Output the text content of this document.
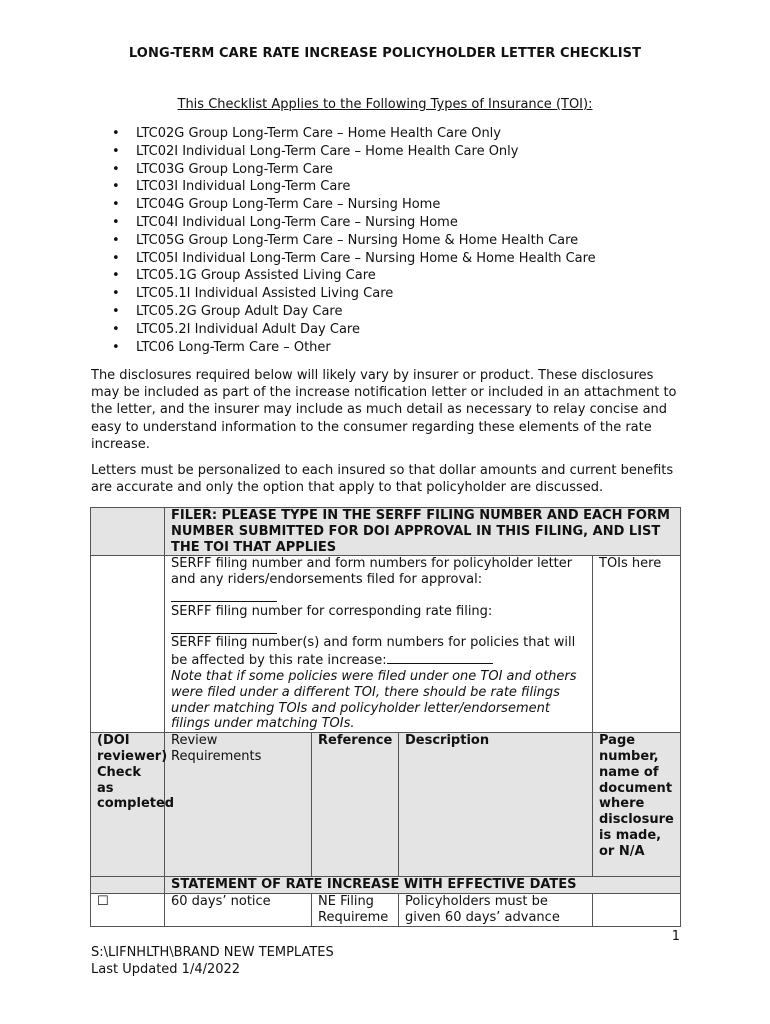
LONG-TERM CARE RATE INCREASE POLICYHOLDER LETTER CHECKLIST
This Checklist Applies to the Following Types of Insurance (TOI):
• LTC02G Group Long-Term Care – Home Health Care Only
• LTC02I Individual Long-Term Care – Home Health Care Only
• LTC03G Group Long-Term Care
• LTC03I Individual Long-Term Care
• LTC04G Group Long-Term Care – Nursing Home
• LTC04I Individual Long-Term Care – Nursing Home
• LTC05G Group Long-Term Care – Nursing Home & Home Health Care
• LTC05I Individual Long-Term Care – Nursing Home & Home Health Care
• LTC05.1G Group Assisted Living Care
• LTC05.1I Individual Assisted Living Care
• LTC05.2G Group Adult Day Care
• LTC05.2I Individual Adult Day Care
• LTC06 Long-Term Care – Other

The disclosures required below will likely vary by insurer or product. These disclosures may be included as part of the increase notification letter or included in an attachment to the letter, and the insurer may include as much detail as necessary to relay concise and easy to understand information to the consumer regarding these elements of the rate increase.

Letters must be personalized to each insured so that dollar amounts and current benefits are accurate and only the option that apply to that policyholder are discussed.

	FILER: PLEASE TYPE IN THE SERFF FILING NUMBER AND EACH FORM NUMBER SUBMITTED FOR DOI APPROVAL IN THIS FILING, AND LIST THE TOI THAT APPLIES			

	SERFF filing number and form numbers for policyholder letter and any riders/endorsements filed for approval:
SERFF filing number for corresponding rate filing:
SERFF filing number(s) and form numbers for policies that will be affected by this rate increase:
Note that if some policies were filed under one TOI and others were filed under a different TOI, there should be rate filings under matching TOIs and policyholder letter/endorsement filings under matching TOIs.			TOIs here
(DOI reviewer) Check as completed	Review Requirements	Reference	Description	Page number, name of document where disclosure is made, or N/A
	STATEMENT OF RATE INCREASE WITH EFFECTIVE DATES			
☐	60 days’ notice	NE Filing Requireme	Policyholders must be given 60 days’ advance	
1
S:\LIFNHLTH\BRAND NEW TEMPLATES
Last Updated 1/4/2022
